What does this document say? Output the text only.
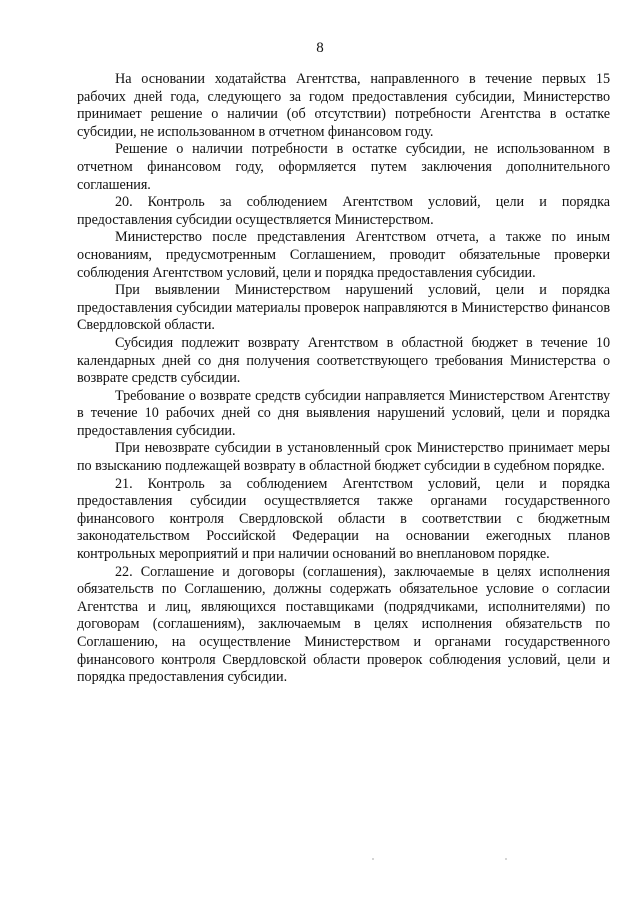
8

На основании ходатайства Агентства, направленного в течение первых 15 рабочих дней года, следующего за годом предоставления субсидии, Министерство принимает решение о наличии (об отсутствии) потребности Агентства в остатке субсидии, не использованном в отчетном финансовом году.

Решение о наличии потребности в остатке субсидии, не использованном в отчетном финансовом году, оформляется путем заключения дополнительного соглашения.

20. Контроль за соблюдением Агентством условий, цели и порядка предоставления субсидии осуществляется Министерством.

Министерство после представления Агентством отчета, а также по иным основаниям, предусмотренным Соглашением, проводит обязательные проверки соблюдения Агентством условий, цели и порядка предоставления субсидии.

При выявлении Министерством нарушений условий, цели и порядка предоставления субсидии материалы проверок направляются в Министерство финансов Свердловской области.

Субсидия подлежит возврату Агентством в областной бюджет в течение 10 календарных дней со дня получения соответствующего требования Министерства о возврате средств субсидии.

Требование о возврате средств субсидии направляется Министерством Агентству в течение 10 рабочих дней со дня выявления нарушений условий, цели и порядка предоставления субсидии.

При невозврате субсидии в установленный срок Министерство принимает меры по взысканию подлежащей возврату в областной бюджет субсидии в судебном порядке.

21. Контроль за соблюдением Агентством условий, цели и порядка предоставления субсидии осуществляется также органами государственного финансового контроля Свердловской области в соответствии с бюджетным законодательством Российской Федерации на основании ежегодных планов контрольных мероприятий и при наличии оснований во внеплановом порядке.

22. Соглашение и договоры (соглашения), заключаемые в целях исполнения обязательств по Соглашению, должны содержать обязательное условие о согласии Агентства и лиц, являющихся поставщиками (подрядчиками, исполнителями) по договорам (соглашениям), заключаемым в целях исполнения обязательств по Соглашению, на осуществление Министерством и органами государственного финансового контроля Свердловской области проверок соблюдения условий, цели и порядка предоставления субсидии.
